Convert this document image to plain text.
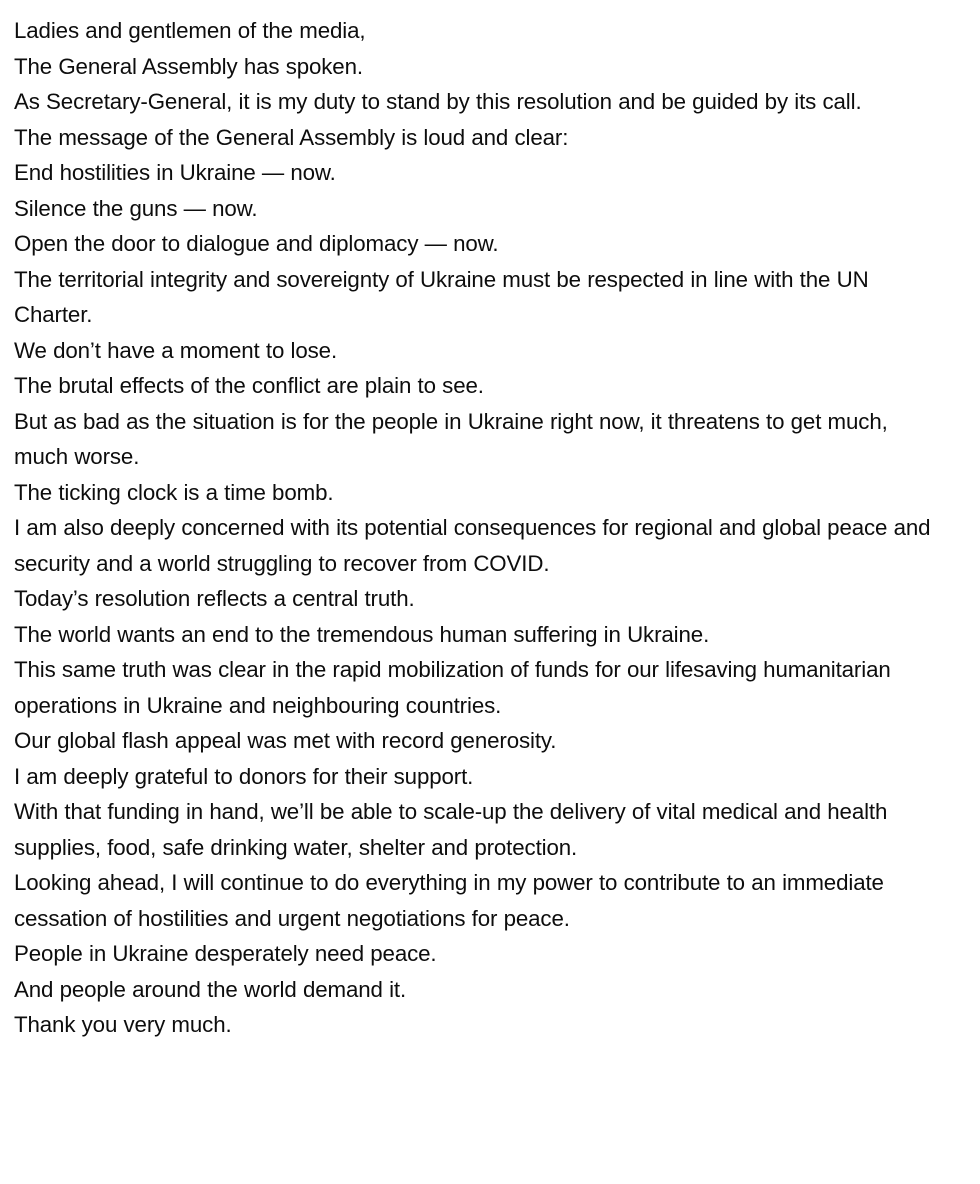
Ladies and gentlemen of the media,

The General Assembly has spoken.

As Secretary-General, it is my duty to stand by this resolution and be guided by its call.

The message of the General Assembly is loud and clear:

End hostilities in Ukraine — now.

Silence the guns — now.

Open the door to dialogue and diplomacy — now.

The territorial integrity and sovereignty of Ukraine must be respected in line with the UN Charter.

We don’t have a moment to lose.

The brutal effects of the conflict are plain to see.

But as bad as the situation is for the people in Ukraine right now, it threatens to get much, much worse.

The ticking clock is a time bomb.

I am also deeply concerned with its potential consequences for regional and global peace and security and a world struggling to recover from COVID.

Today’s resolution reflects a central truth.

The world wants an end to the tremendous human suffering in Ukraine.

This same truth was clear in the rapid mobilization of funds for our lifesaving humanitarian operations in Ukraine and neighbouring countries.

Our global flash appeal was met with record generosity.

I am deeply grateful to donors for their support.

With that funding in hand, we’ll be able to scale-up the delivery of vital medical and health supplies, food, safe drinking water, shelter and protection.

Looking ahead, I will continue to do everything in my power to contribute to an immediate cessation of hostilities and urgent negotiations for peace.

People in Ukraine desperately need peace.

And people around the world demand it.

Thank you very much.
